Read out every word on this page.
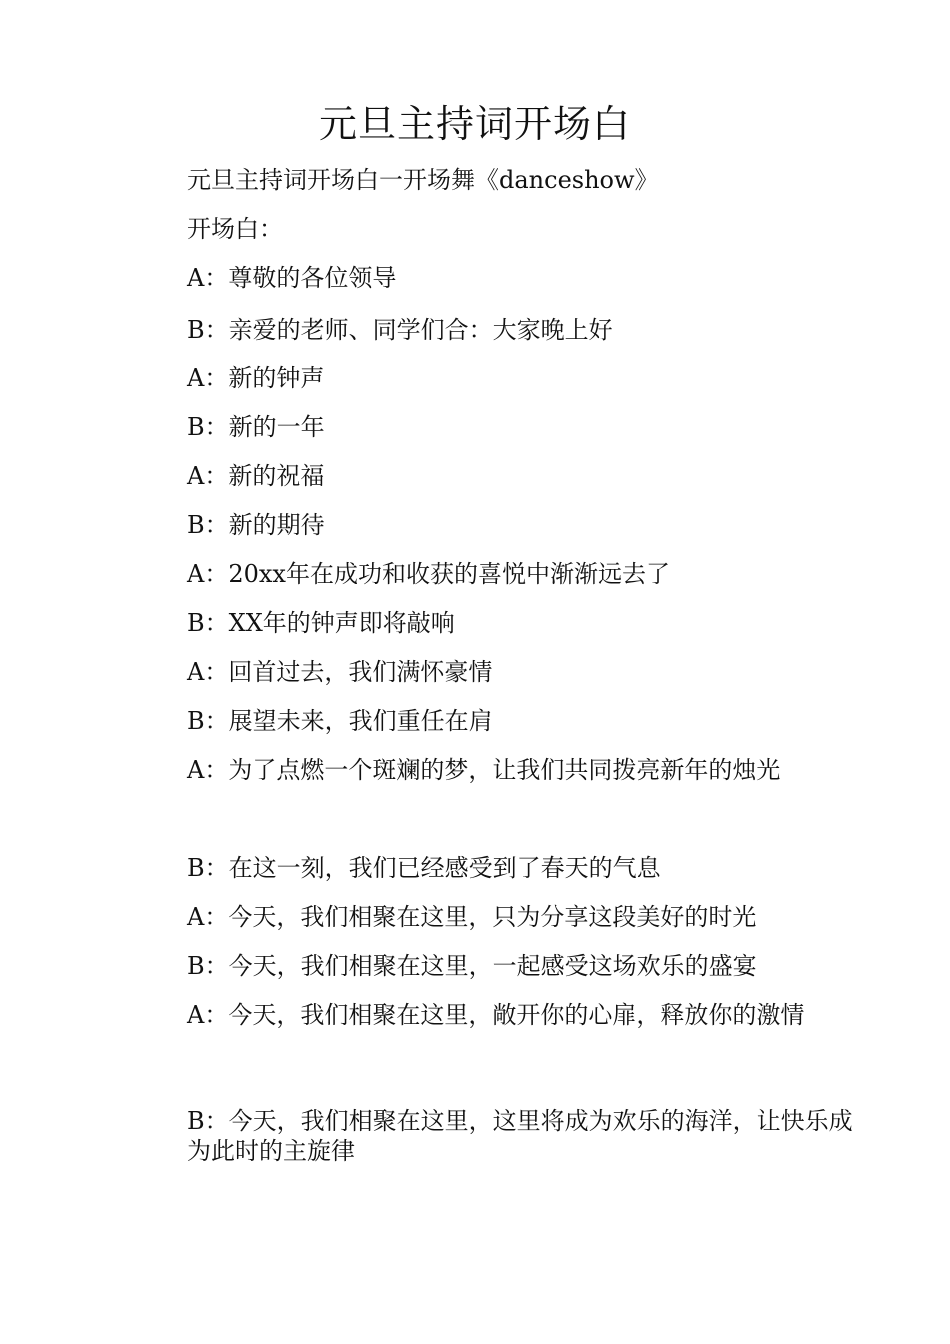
元旦主持词开场白
元旦主持词开场白一开场舞《danceshow》
开场白：
A：尊敬的各位领导
B：亲爱的老师、同学们合：大家晚上好
A：新的钟声
B：新的一年
A：新的祝福
B：新的期待
A：20xx年在成功和收获的喜悦中渐渐远去了
B：XX年的钟声即将敲响
A：回首过去，我们满怀豪情
B：展望未来，我们重任在肩
A：为了点燃一个斑斓的梦，让我们共同拨亮新年的烛光
B：在这一刻，我们已经感受到了春天的气息
A：今天，我们相聚在这里，只为分享这段美好的时光
B：今天，我们相聚在这里，一起感受这场欢乐的盛宴
A：今天，我们相聚在这里，敞开你的心扉，释放你的激情
B：今天，我们相聚在这里，这里将成为欢乐的海洋，让快乐成为此时的主旋律
